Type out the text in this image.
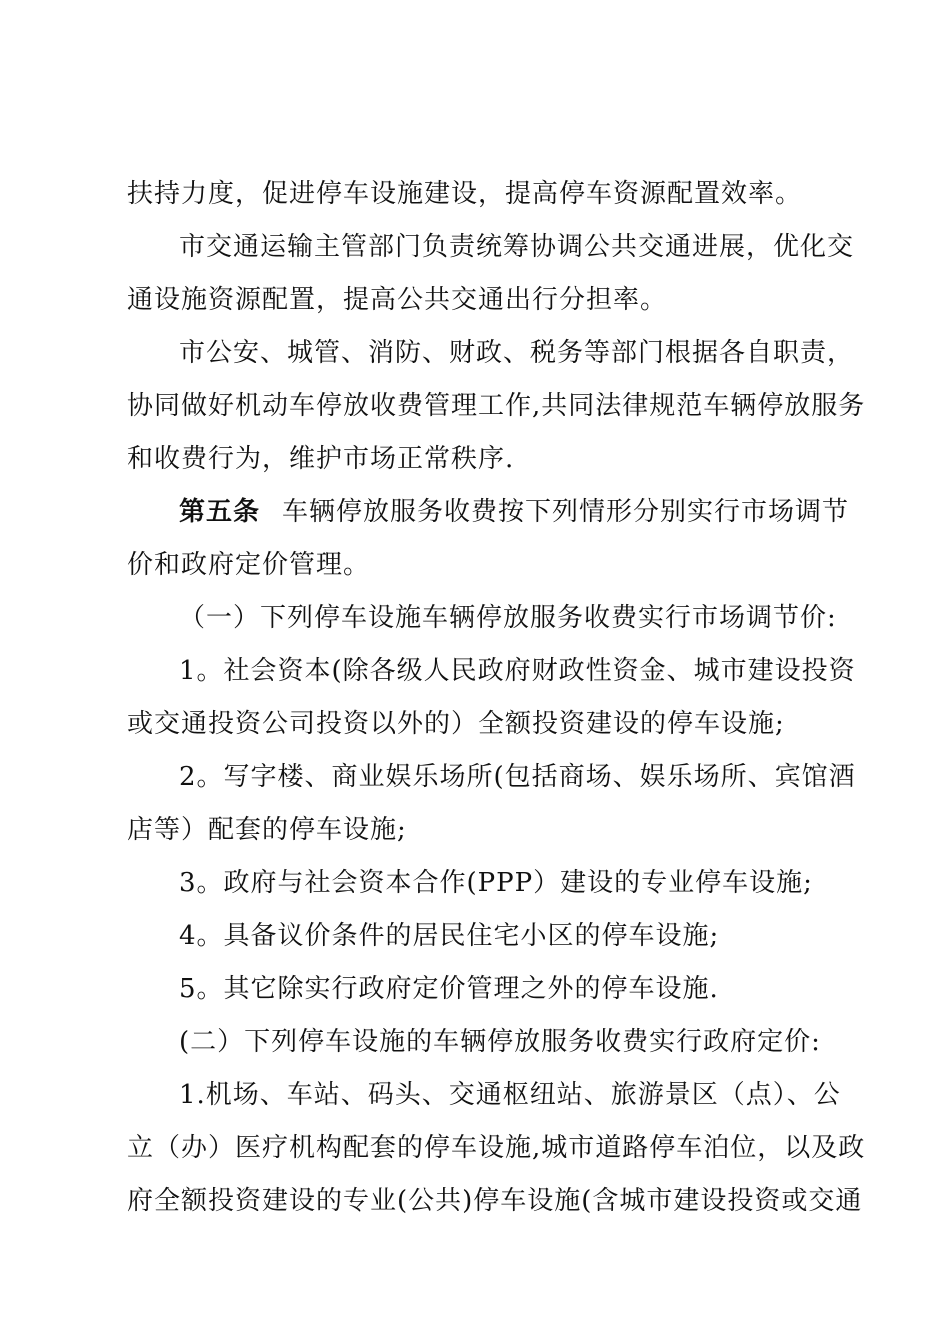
扶持力度，促进停车设施建设，提高停车资源配置效率。
市交通运输主管部门负责统筹协调公共交通进展，优化交
通设施资源配置，提高公共交通出行分担率。
市公安、城管、消防、财政、税务等部门根据各自职责，
协同做好机动车停放收费管理工作,共同法律规范车辆停放服务
和收费行为，维护市场正常秩序.
第五条 车辆停放服务收费按下列情形分别实行市场调节
价和政府定价管理。
（一）下列停车设施车辆停放服务收费实行市场调节价:
1。社会资本(除各级人民政府财政性资金、城市建设投资
或交通投资公司投资以外的）全额投资建设的停车设施;
2。写字楼、商业娱乐场所(包括商场、娱乐场所、宾馆酒
店等）配套的停车设施;
3。政府与社会资本合作(PPP）建设的专业停车设施;
4。具备议价条件的居民住宅小区的停车设施;
5。其它除实行政府定价管理之外的停车设施.
(二）下列停车设施的车辆停放服务收费实行政府定价:
1.机场、车站、码头、交通枢纽站、旅游景区（点）、公
立（办）医疗机构配套的停车设施,城市道路停车泊位，以及政
府全额投资建设的专业(公共)停车设施(含城市建设投资或交通
